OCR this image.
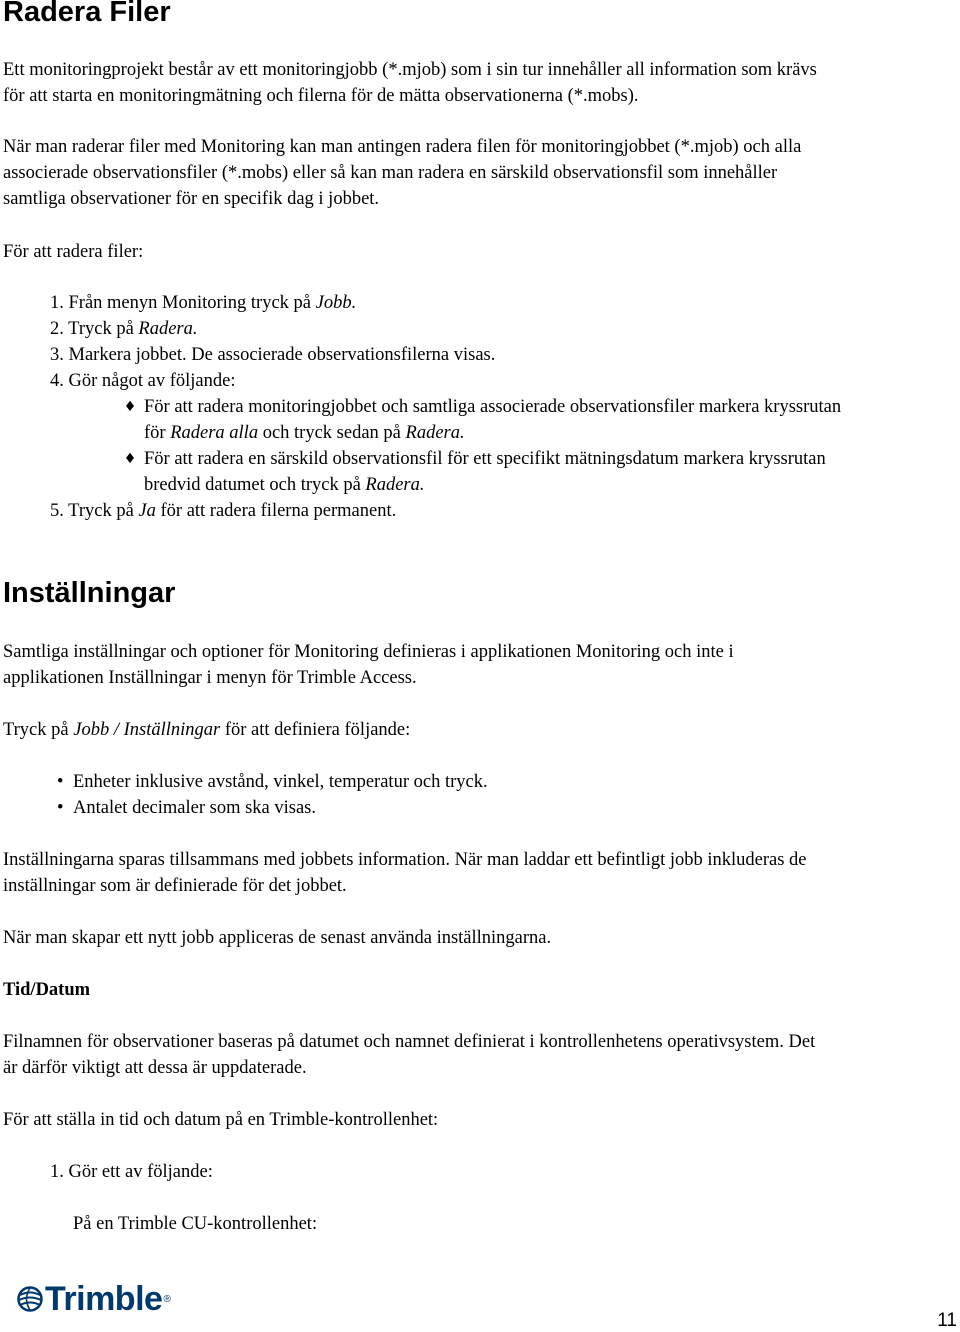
Radera Filer
Ett monitoringprojekt består av ett monitoringjobb (*.mjob) som i sin tur innehåller all information som krävs
för att starta en monitoringmätning och filerna för de mätta observationerna (*.mobs).
När man raderar filer med Monitoring kan man antingen radera filen för monitoringjobbet (*.mjob) och alla
associerade observationsfiler (*.mobs) eller så kan man radera en särskild observationsfil som innehåller
samtliga observationer för en specifik dag i jobbet.
För att radera filer:
1. Från menyn Monitoring tryck på Jobb.
2. Tryck på Radera.
3. Markera jobbet. De associerade observationsfilerna visas.
4. Gör något av följande:
♦ För att radera monitoringjobbet och samtliga associerade observationsfiler markera kryssrutan
för Radera alla och tryck sedan på Radera.
♦ För att radera en särskild observationsfil för ett specifikt mätningsdatum markera kryssrutan
bredvid datumet och tryck på Radera.
5. Tryck på Ja för att radera filerna permanent.
Inställningar
Samtliga inställningar och optioner för Monitoring definieras i applikationen Monitoring och inte i
applikationen Inställningar i menyn för Trimble Access.
Tryck på Jobb / Inställningar för att definiera följande:
• Enheter inklusive avstånd, vinkel, temperatur och tryck.
• Antalet decimaler som ska visas.
Inställningarna sparas tillsammans med jobbets information. När man laddar ett befintligt jobb inkluderas de
inställningar som är definierade för det jobbet.
När man skapar ett nytt jobb appliceras de senast använda inställningarna.
Tid/Datum
Filnamnen för observationer baseras på datumet och namnet definierat i kontrollenhetens operativsystem. Det
är därför viktigt att dessa är uppdaterade.
För att ställa in tid och datum på en Trimble-kontrollenhet:
1. Gör ett av följande:
På en Trimble CU-kontrollenhet:
Trimble ®
11
